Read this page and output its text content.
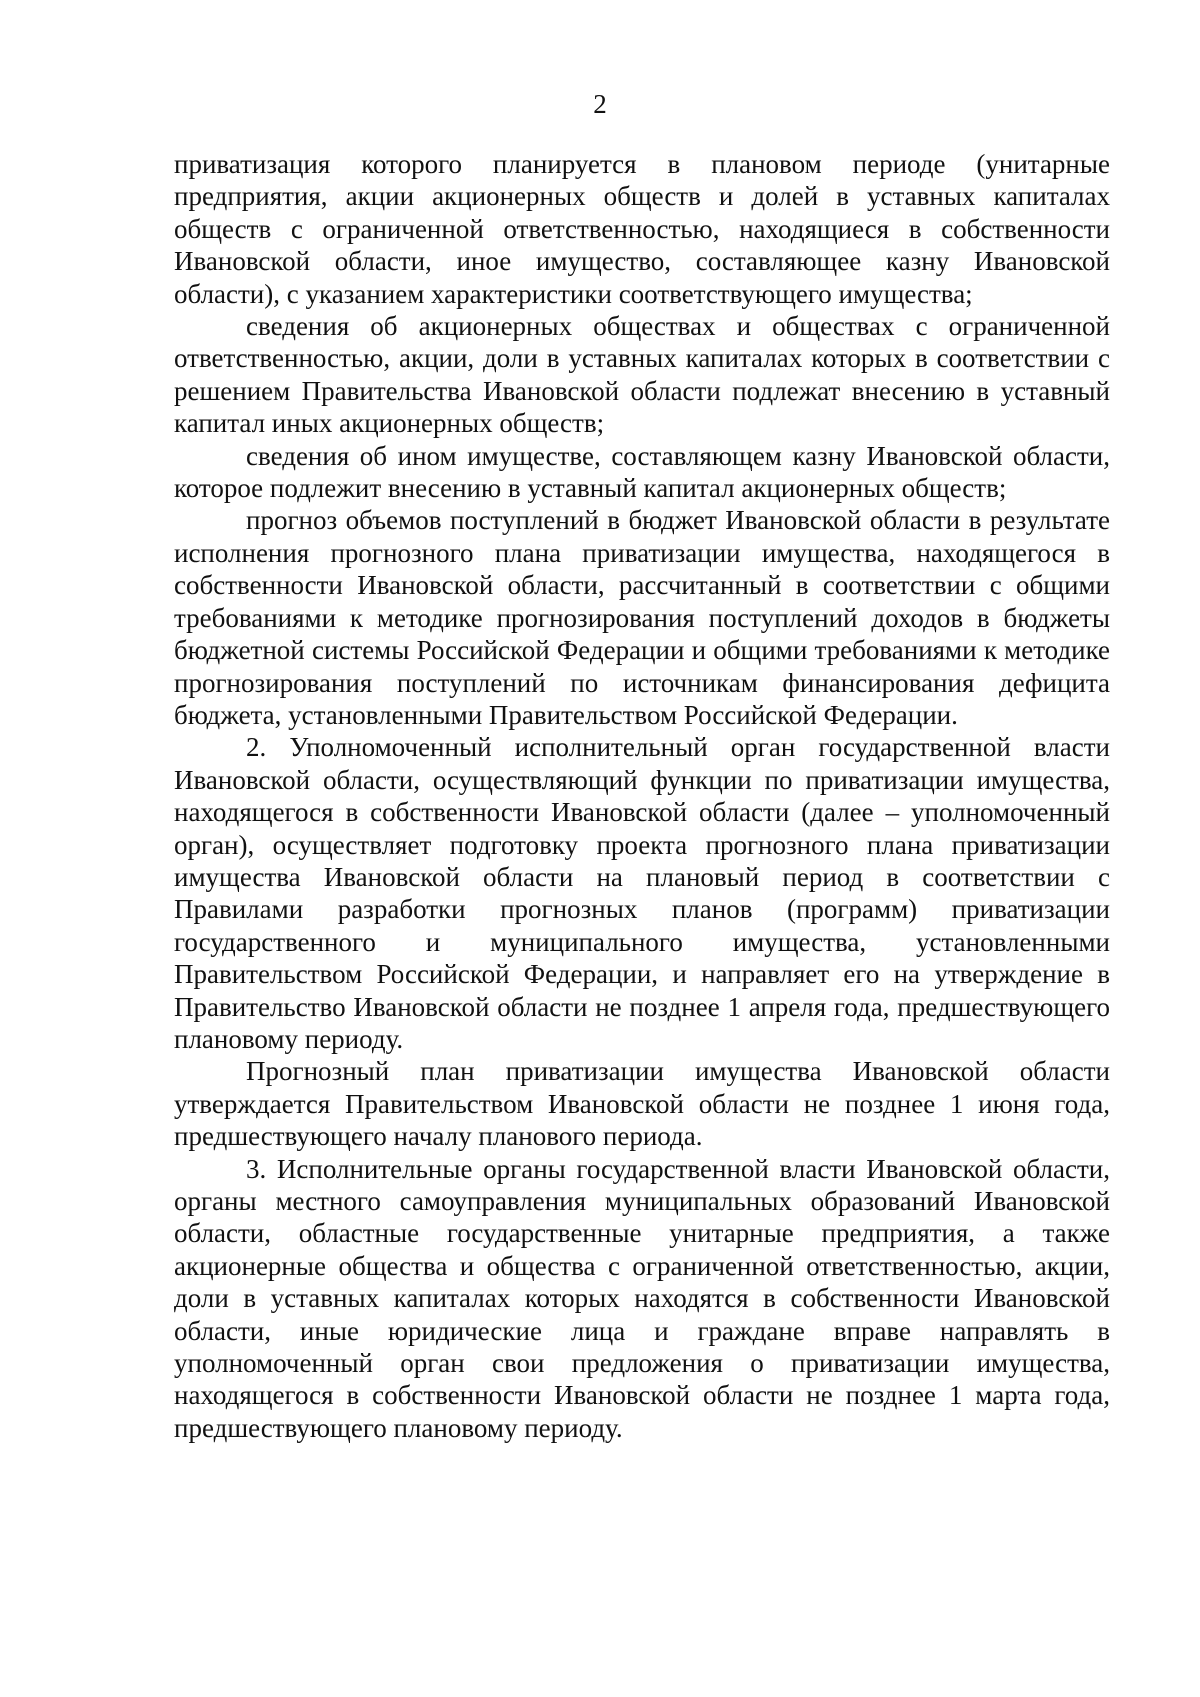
2

приватизация которого планируется в плановом периоде (унитарные предприятия, акции акционерных обществ и долей в уставных капиталах обществ с ограниченной ответственностью, находящиеся в собственности Ивановской области, иное имущество, составляющее казну Ивановской области), с указанием характеристики соответствующего имущества;

сведения об акционерных обществах и обществах с ограниченной ответственностью, акции, доли в уставных капиталах которых в соответствии с решением Правительства Ивановской области подлежат внесению в уставный капитал иных акционерных обществ;

сведения об ином имуществе, составляющем казну Ивановской области, которое подлежит внесению в уставный капитал акционерных обществ;

прогноз объемов поступлений в бюджет Ивановской области в результате исполнения прогнозного плана приватизации имущества, находящегося в собственности Ивановской области, рассчитанный в соответствии с общими требованиями к методике прогнозирования поступлений доходов в бюджеты бюджетной системы Российской Федерации и общими требованиями к методике прогнозирования поступлений по источникам финансирования дефицита бюджета, установленными Правительством Российской Федерации.

2. Уполномоченный исполнительный орган государственной власти Ивановской области, осуществляющий функции по приватизации имущества, находящегося в собственности Ивановской области (далее – уполномоченный орган), осуществляет подготовку проекта прогнозного плана приватизации имущества Ивановской области на плановый период в соответствии с Правилами разработки прогнозных планов (программ) приватизации государственного и муниципального имущества, установленными Правительством Российской Федерации, и направляет его на утверждение в Правительство Ивановской области не позднее 1 апреля года, предшествующего плановому периоду.

Прогнозный план приватизации имущества Ивановской области утверждается Правительством Ивановской области не позднее 1 июня года, предшествующего началу планового периода.

3. Исполнительные органы государственной власти Ивановской области, органы местного самоуправления муниципальных образований Ивановской области, областные государственные унитарные предприятия, а также акционерные общества и общества с ограниченной ответственностью, акции, доли в уставных капиталах которых находятся в собственности Ивановской области, иные юридические лица и граждане вправе направлять в уполномоченный орган свои предложения о приватизации имущества, находящегося в собственности Ивановской области не позднее 1 марта года, предшествующего плановому периоду.
